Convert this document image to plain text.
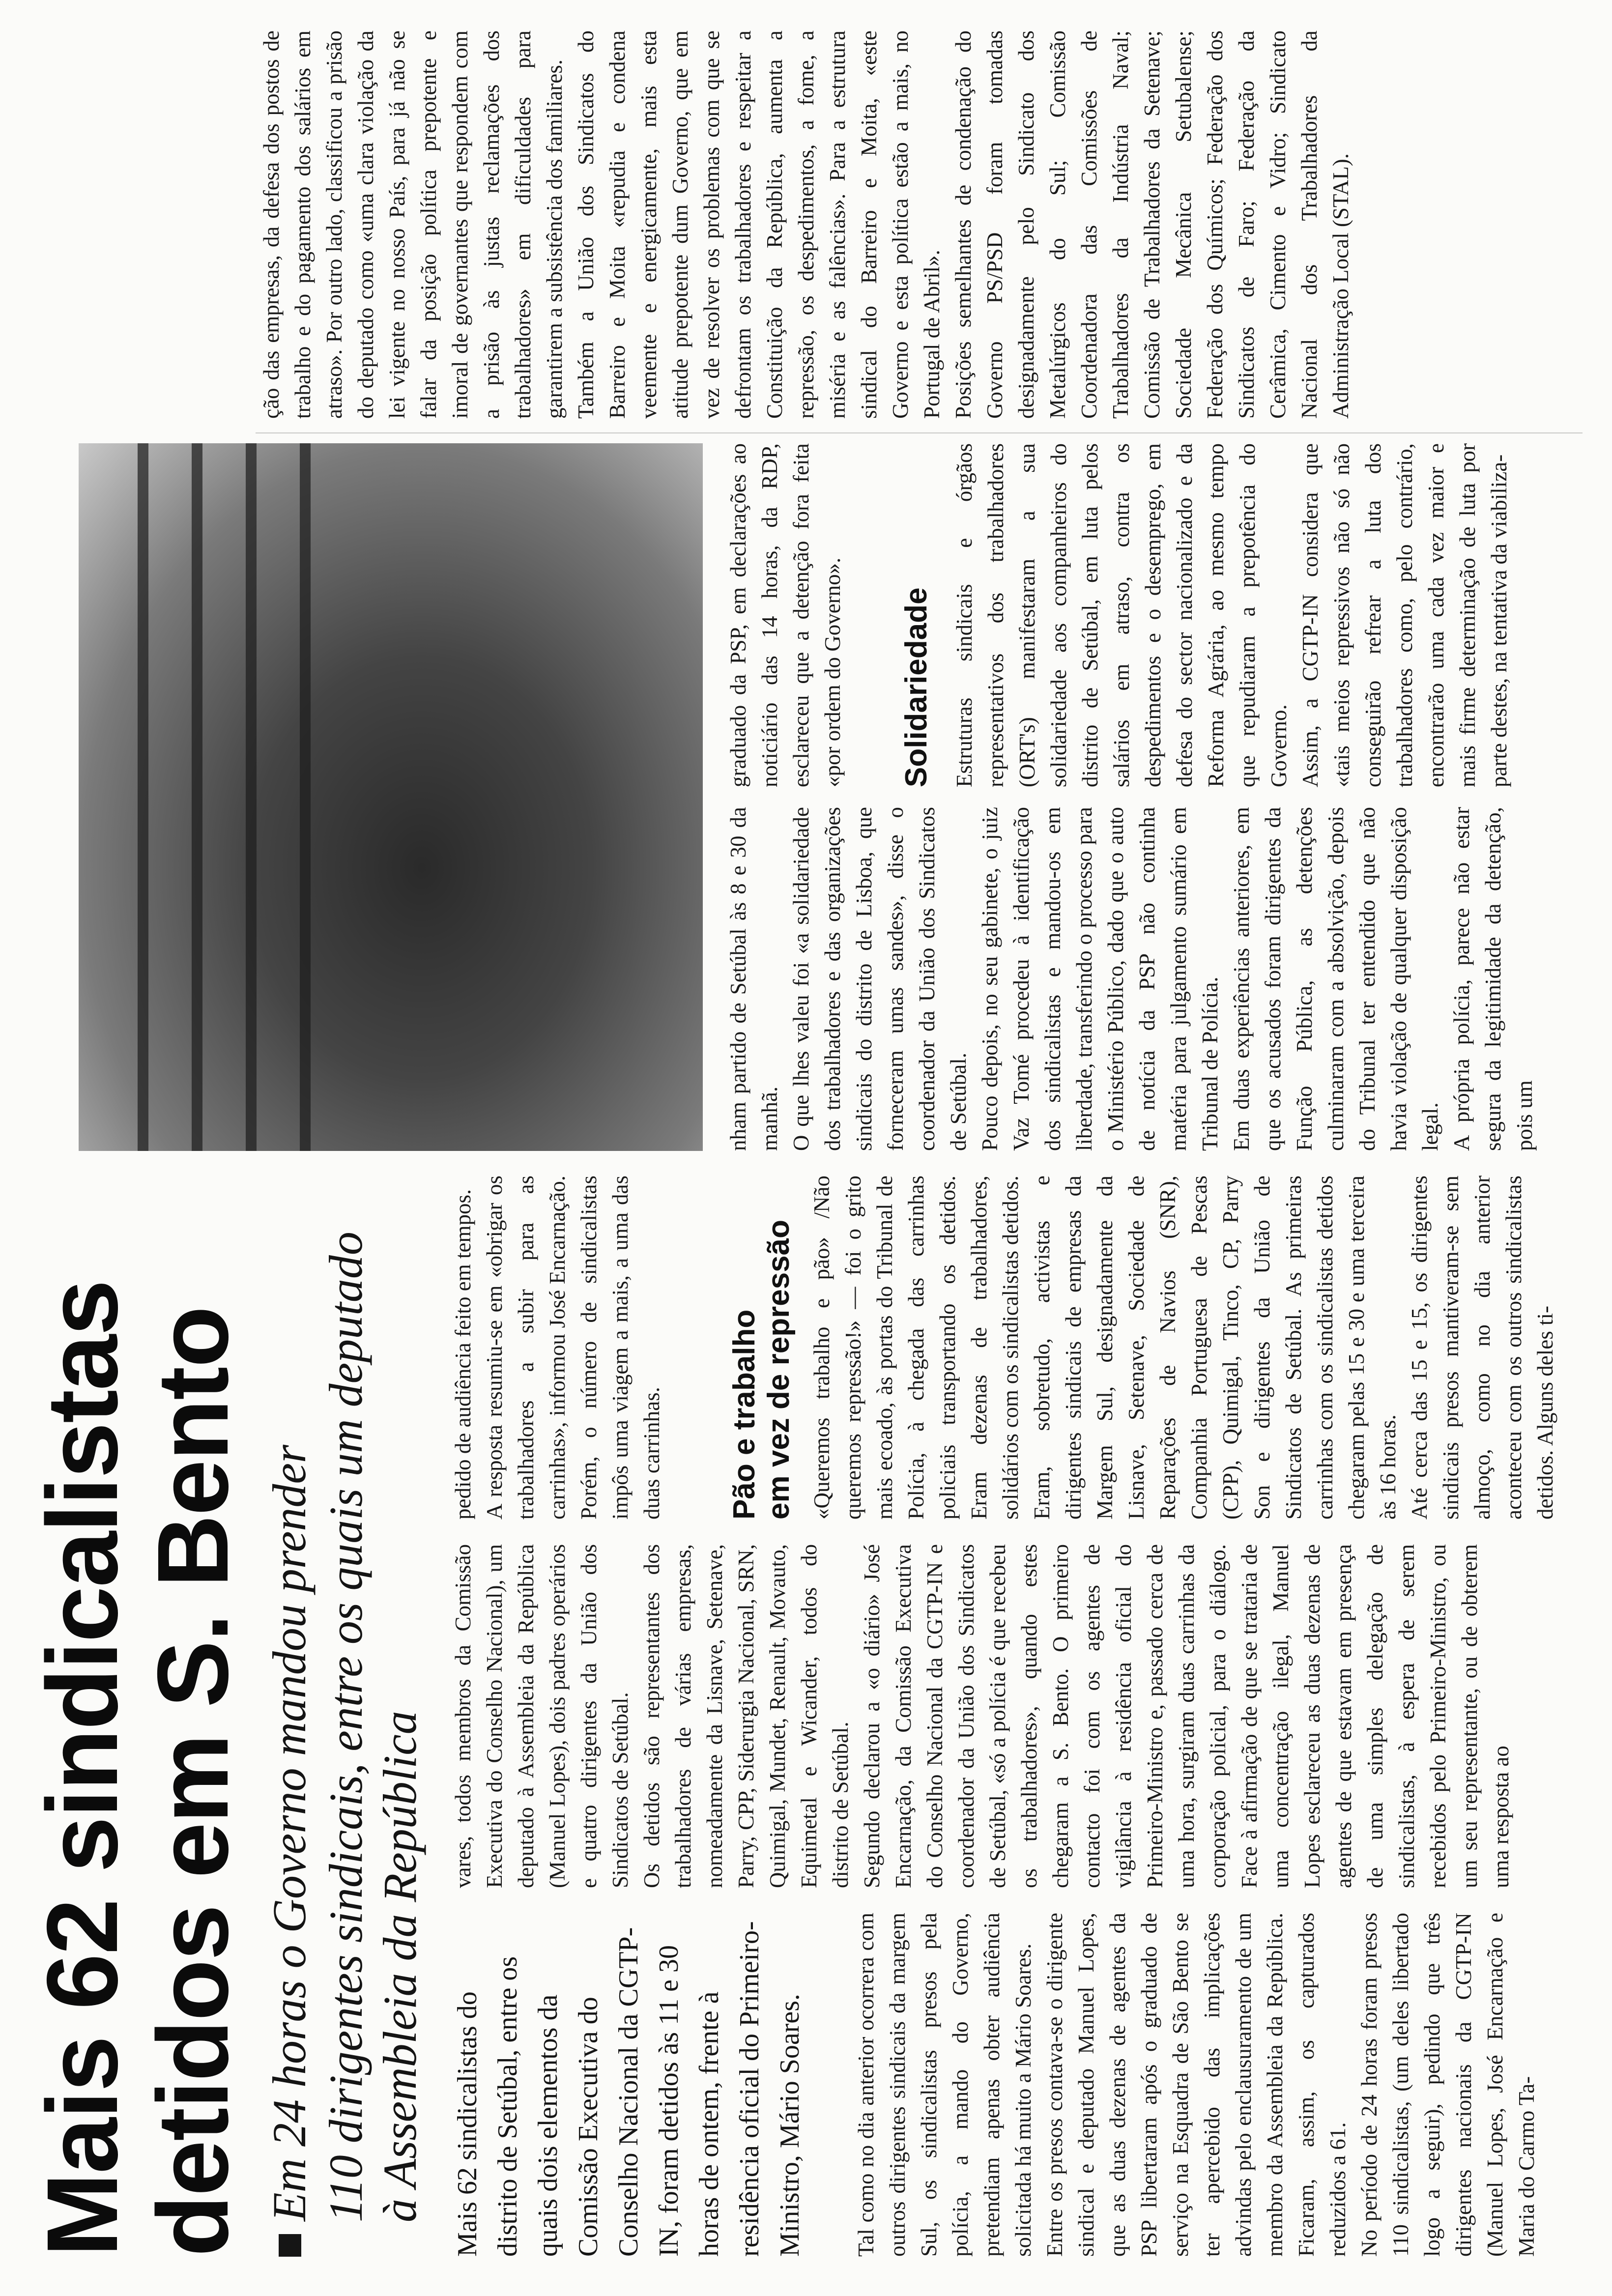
Mais 62 sindicalistas
detidos em S. Bento Em 24 horas o Governo mandou prender 110 dirigentes sindicais, entre os quais um deputado à Assembleia da República Mais 62 sindicalistas do distrito de Setúbal, entre os quais dois elementos da Comissão Executiva do Conselho Nacional da CGTP-IN, foram detidos às 11 e 30 horas de ontem, frente à residência oficial do Primeiro-Ministro, Mário Soares. Tal como no dia anterior ocorrera com outros dirigentes sindicais da margem Sul, os sindicalistas presos pela polícia, a mando do Governo, pretendiam apenas obter audiência solicitada há muito a Mário Soares.
Entre os presos contava-se o dirigente sindical e deputado Manuel Lopes, que as duas dezenas de agentes da PSP libertaram após o graduado de serviço na Esquadra de São Bento se ter apercebido das implicações advindas pelo enclausuramento de um membro da Assembleia da República. Ficaram, assim, os capturados reduzidos a 61.
No período de 24 horas foram presos 110 sindicalistas, (um deles libertado logo a seguir), pedindo que três dirigentes nacionais da CGTP-IN (Manuel Lopes, José Encarnação e Maria do Carmo Ta-
vares, todos membros da Comissão Executiva do Conselho Nacional), um deputado à Assembleia da República (Manuel Lopes), dois padres operários e quatro dirigentes da União dos Sindicatos de Setúbal.
Os detidos são representantes dos trabalhadores de várias empresas, nomeadamente da Lisnave, Setenave, Parry, CPP, Siderurgia Nacional, SRN, Quimigal, Mundet, Renault, Movauto, Equimetal e Wicander, todos do distrito de Setúbal.
Segundo declarou a «o diário» José Encarnação, da Comissão Executiva do Conselho Nacional da CGTP-IN e coordenador da União dos Sindicatos de Setúbal, «só a polícia é que recebeu os trabalhadores», quando estes chegaram a S. Bento. O primeiro contacto foi com os agentes de vigilância à residência oficial do Primeiro-Ministro e, passado cerca de uma hora, surgiram duas carrinhas da corporação policial, para o diálogo. Face à afirmação de que se trataria de uma concentração ilegal, Manuel Lopes esclareceu as duas dezenas de agentes de que estavam em presença de uma simples delegação de sindicalistas, à espera de serem recebidos pelo Primeiro-Ministro, ou um seu representante, ou de obterem uma resposta ao
pedido de audiência feito em tempos.
A resposta resumiu-se em «obrigar os trabalhadores a subir para as carrinhas», informou José Encarnação. Porém, o número de sindicalistas impôs uma viagem a mais, a uma das duas carrinhas.	Pão e trabalho em vez de repressão «Queremos trabalho e pão» /Não queremos repressão!» — foi o grito mais ecoado, às portas do Tribunal de Polícia, à chegada das carrinhas policiais transportando os detidos. Eram dezenas de trabalhadores, solidários com os sindicalistas detidos. Eram, sobretudo, activistas e dirigentes sindicais de empresas da Margem Sul, designadamente da Lisnave, Setenave, Sociedade de Reparações de Navios (SNR), Companhia Portuguesa de Pescas (CPP), Quimigal, Tinco, CP, Parry Son e dirigentes da União de Sindicatos de Setúbal. As primeiras carrinhas com os sindicalistas detidos chegaram pelas 15 e 30 e uma terceira às 16 horas.
Até cerca das 15 e 15, os dirigentes sindicais presos mantiveram-se sem almoço, como no dia anterior aconteceu com os outros sindicalistas detidos. Alguns deles ti-
nham partido de Setúbal às 8 e 30 da manhã.
O que lhes valeu foi «a solidariedade dos trabalhadores e das organizações sindicais do distrito de Lisboa, que forneceram umas sandes», disse o coordenador da União dos Sindicatos de Setúbal.
Pouco depois, no seu gabinete, o juiz Vaz Tomé procedeu à identificação dos sindicalistas e mandou-os em liberdade, transferindo o processo para o Ministério Público, dado que o auto de notícia da PSP não continha matéria para julgamento sumário em Tribunal de Polícia.
Em duas experiências anteriores, em que os acusados foram dirigentes da Função Pública, as detenções culminaram com a absolvição, depois do Tribunal ter entendido que não havia violação de qualquer disposição legal.
A própria polícia, parece não estar segura da legitimidade da detenção, pois um
graduado da PSP, em declarações ao noticiário das 14 horas, da RDP, esclareceu que a detenção fora feita «por ordem do Governo».	Solidariedade Estruturas sindicais e órgãos representativos dos trabalhadores (ORT's) manifestaram a sua solidariedade aos companheiros do distrito de Setúbal, em luta pelos salários em atraso, contra os despedimentos e o desemprego, em defesa do sector nacionalizado e da Reforma Agrária, ao mesmo tempo que repudiaram a prepotência do Governo.
Assim, a CGTP-IN considera que «tais meios repressivos não só não conseguirão refrear a luta dos trabalhadores como, pelo contrário, encontrarão uma cada vez maior e mais firme determinação de luta por parte destes, na tentativa da viabiliza-
ção das empresas, da defesa dos postos de trabalho e do pagamento dos salários em atraso». Por outro lado, classificou a prisão do deputado como «uma clara violação da lei vigente no nosso País, para já não se falar da posição política prepotente e imoral de governantes que respondem com a prisão às justas reclamações dos trabalhadores» em dificuldades para garantirem a subsistência dos familiares.
Também a União dos Sindicatos do Barreiro e Moita «repudia e condena veemente e energicamente, mais esta atitude prepotente dum Governo, que em vez de resolver os problemas com que se defrontam os trabalhadores e respeitar a Constituição da República, aumenta a repressão, os despedimentos, a fome, a miséria e as falências». Para a estrutura sindical do Barreiro e Moita, «este Governo e esta política estão a mais, no Portugal de Abril».
Posições semelhantes de condenação do Governo PS/PSD foram tomadas designadamente pelo Sindicato dos Metalúrgicos do Sul; Comissão Coordenadora das Comissões de Trabalhadores da Indústria Naval; Comissão de Trabalhadores da Setenave; Sociedade Mecânica Setubalense; Federação dos Químicos; Federação dos Sindicatos de Faro; Federação da Cerâmica, Cimento e Vidro; Sindicato Nacional dos Trabalhadores da Administração Local (STAL).
